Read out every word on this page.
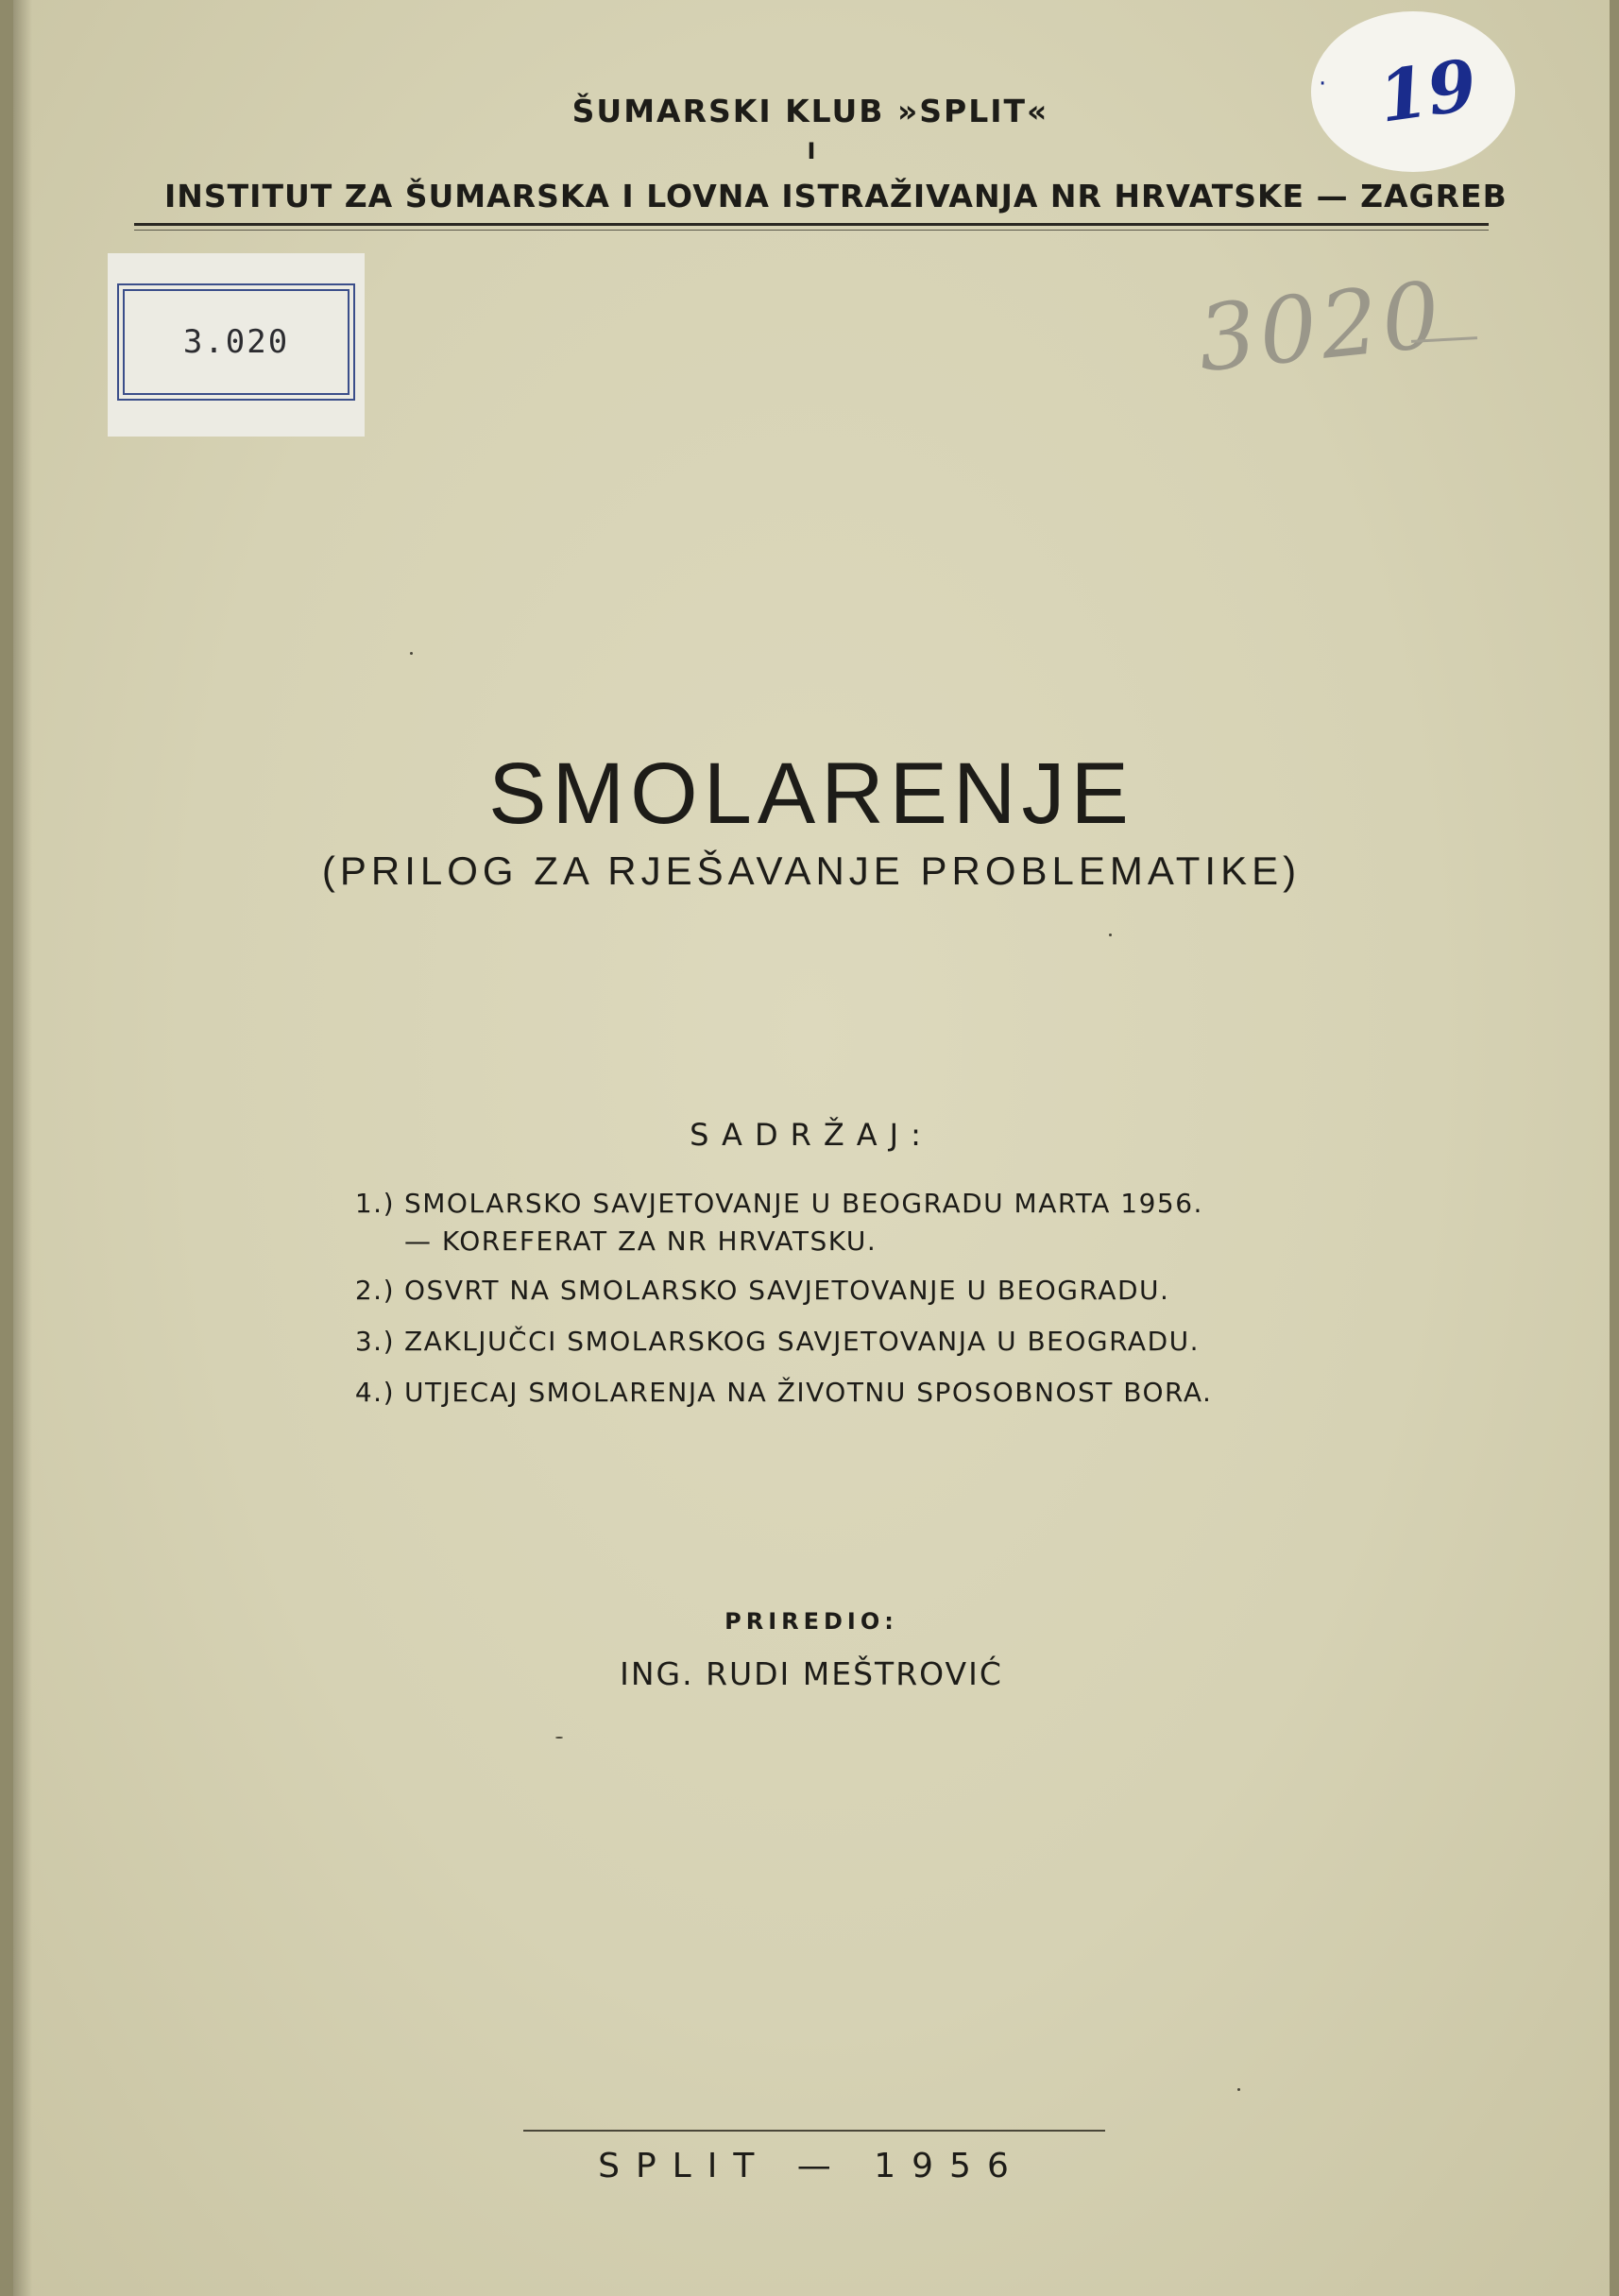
ŠUMARSKI KLUB »SPLIT«
I
INSTITUT ZA ŠUMARSKA I LOVNA ISTRAŽIVANJA NR HRVATSKE — ZAGREB
3.020
· 19
3020
SMOLARENJE
(PRILOG ZA RJEŠAVANJE PROBLEMATIKE)
SADRŽAJ:
1.) SMOLARSKO SAVJETOVANJE U BEOGRADU MARTA 1956.
— KOREFERAT ZA NR HRVATSKU.
2.) OSVRT NA SMOLARSKO SAVJETOVANJE U BEOGRADU.
3.) ZAKLJUČCI SMOLARSKOG SAVJETOVANJA U BEOGRADU.
4.) UTJECAJ SMOLARENJA NA ŽIVOTNU SPOSOBNOST BORA.
PRIREDIO:
ING. RUDI MEŠTROVIĆ
SPLIT — 1956
